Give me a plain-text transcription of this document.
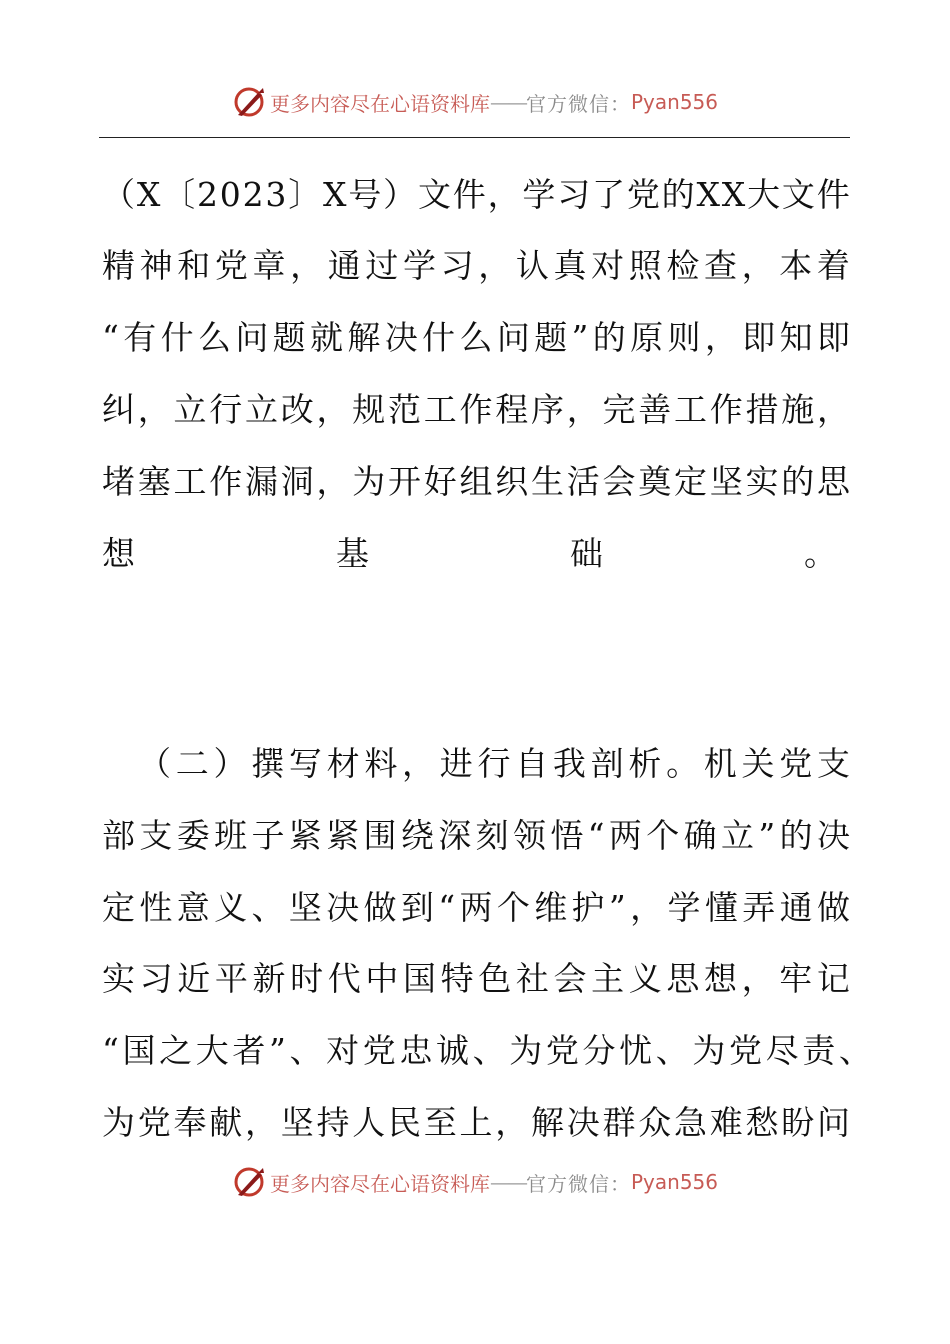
更多内容尽在心语资料库 —— 官方微信： Pyan556
（ X 〔 2 0 2 3 〕 X 号 ） 文 件 ， 学 习 了 党 的 X X 大 文 件
精 神 和 党 章 ， 通 过 学 习 ， 认 真 对 照 检 查 ， 本 着
“ 有 什 么 问 题 就 解 决 什 么 问 题 ” 的 原 则 ， 即 知 即
纠 ， 立 行 立 改 ， 规 范 工 作 程 序 ， 完 善 工 作 措 施 ，
堵 塞 工 作 漏 洞 ， 为 开 好 组 织 生 活 会 奠 定 坚 实 的 思
想	基	础	。
（ 二 ） 撰 写 材 料 ， 进 行 自 我 剖 析 。 机 关 党 支
部 支 委 班 子 紧 紧 围 绕 深 刻 领 悟 “ 两 个 确 立 ” 的 决
定 性 意 义 、 坚 决 做 到 “ 两 个 维 护 ” ， 学 懂 弄 通 做
实 习 近 平 新 时 代 中 国 特 色 社 会 主 义 思 想 ， 牢 记
“ 国 之 大 者 ” 、 对 党 忠 诚 、 为 党 分 忧 、 为 党 尽 责 、
为 党 奉 献 ， 坚 持 人 民 至 上 ， 解 决 群 众 急 难 愁 盼 问
更多内容尽在心语资料库 —— 官方微信： Pyan556
